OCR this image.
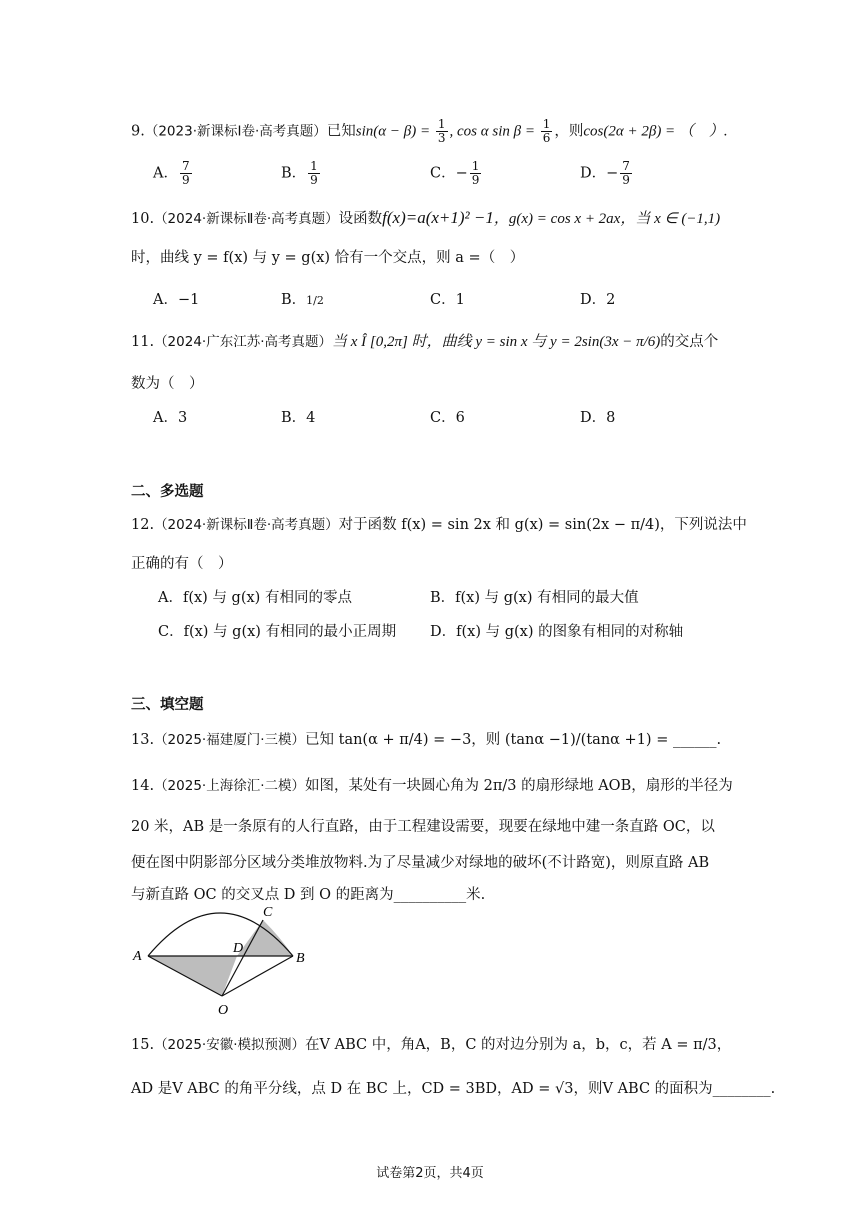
9.（2023·新课标Ⅰ卷·高考真题）已知$\sin(\alpha - \beta) = \frac{1}{3}$ , cos α $\sin \beta = \frac{1}{6}$ ，则cos(2α + 2β) = （　）.
A． $\frac{7}{9}$	B． $\frac{1}{9}$	C．− $\frac{1}{9}$	D．− $\frac{7}{9}$
10.（2024·新课标Ⅱ卷·高考真题）设函数f(x)=a(x+1)² −1，g(x) = cos x + 2ax，当 x ∈ (−1,1)
时，曲线 y = f(x) 与 y = g(x) 恰有一个交点，则 a =（　）
A．−1	B．1/2	C．1	D．2
11.（2024·广东江苏·高考真题）当 x Î [0,2π] 时，曲线 y = sin x 与 y = 2sin(3x − π/6)的交点个
数为（　）
A．3	B．4	C．6	D．8
二、多选题
12.（2024·新课标Ⅱ卷·高考真题）对于函数 f(x) = sin 2x 和 g(x) = sin(2x − π/4)，下列说法中
正确的有（　）
A．f(x) 与 g(x) 有相同的零点	B．f(x) 与 g(x) 有相同的最大值
C．f(x) 与 g(x) 有相同的最小正周期 D．f(x) 与 g(x) 的图象有相同的对称轴
三、填空题
13.（2025·福建厦门·三模）已知 tan(α + π/4) = −3，则 (tanα −1)/(tanα +1) = ______.
14.（2025·上海徐汇·二模）如图，某处有一块圆心角为 2π/3 的扇形绿地 AOB，扇形的半径为
20 米，AB 是一条原有的人行直路，由于工程建设需要，现要在绿地中建一条直路 OC，以
便在图中阴影部分区域分类堆放物料.为了尽量减少对绿地的破坏(不计路宽)，则原直路 AB
与新直路 OC 的交叉点 D 到 O 的距离为__________米.
A	B
C
D
O
15.（2025·安徽·模拟预测）在V ABC 中，角A，B，C 的对边分别为 a，b，c，若 A = π/3，
AD 是V ABC 的角平分线，点 D 在 BC 上，CD = 3BD，AD = √3，则V ABC 的面积为________.
试卷第2页，共4页
